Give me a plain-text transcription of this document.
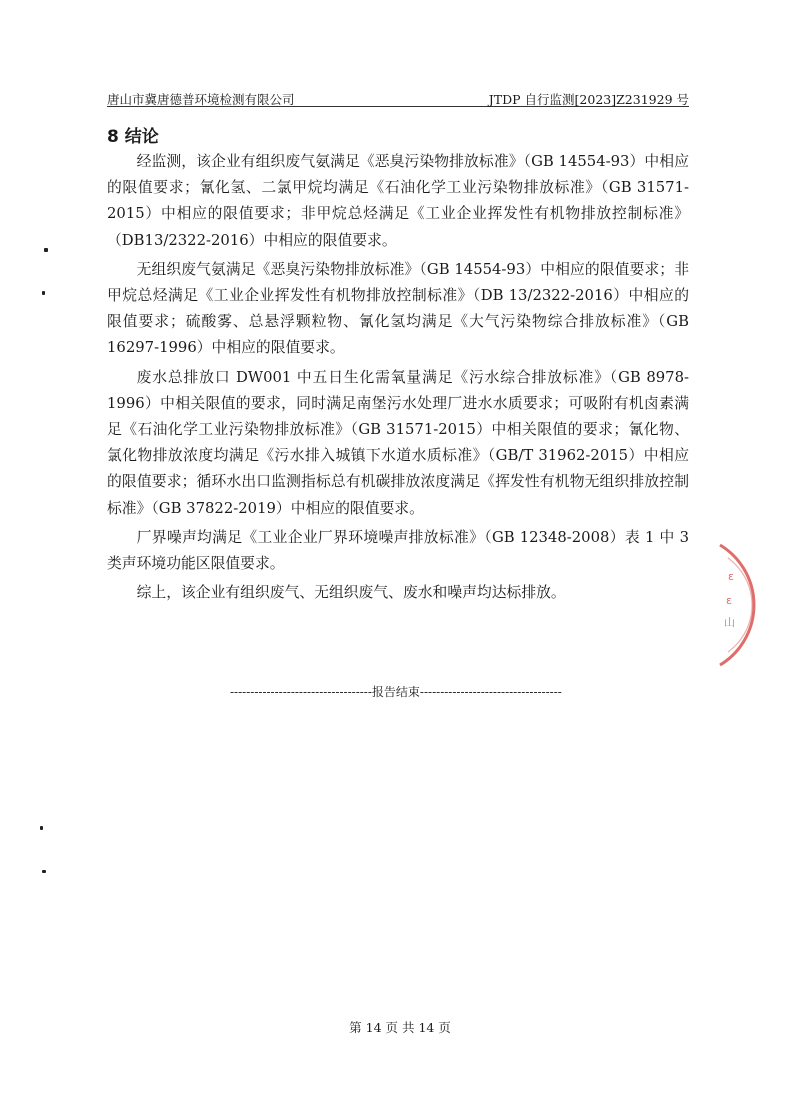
唐山市冀唐德普环境检测有限公司	JTDP 自行监测[2023]Z231929 号
8 结论

经监测，该企业有组织废气氨满足《恶臭污染物排放标准》（GB 14554-93）中相应的限值要求；氰化氢、二氯甲烷均满足《石油化学工业污染物排放标准》（GB 31571-2015）中相应的限值要求；非甲烷总烃满足《工业企业挥发性有机物排放控制标准》（DB13/2322-2016）中相应的限值要求。

无组织废气氨满足《恶臭污染物排放标准》（GB 14554-93）中相应的限值要求；非甲烷总烃满足《工业企业挥发性有机物排放控制标准》（DB 13/2322-2016）中相应的限值要求；硫酸雾、总悬浮颗粒物、氰化氢均满足《大气污染物综合排放标准》（GB 16297-1996）中相应的限值要求。

废水总排放口 DW001 中五日生化需氧量满足《污水综合排放标准》（GB 8978-1996）中相关限值的要求，同时满足南堡污水处理厂进水水质要求；可吸附有机卤素满足《石油化学工业污染物排放标准》（GB 31571-2015）中相关限值的要求；氰化物、氯化物排放浓度均满足《污水排入城镇下水道水质标准》（GB/T 31962-2015）中相应的限值要求；循环水出口监测指标总有机碳排放浓度满足《挥发性有机物无组织排放控制标准》（GB 37822-2019）中相应的限值要求。

厂界噪声均满足《工业企业厂界环境噪声排放标准》（GB 12348-2008）表 1 中 3 类声环境功能区限值要求。

综上，该企业有组织废气、无组织废气、废水和噪声均达标排放。

-----------------------------------报告结束-----------------------------------
第 14 页 共 14 页
ε
ε
山
